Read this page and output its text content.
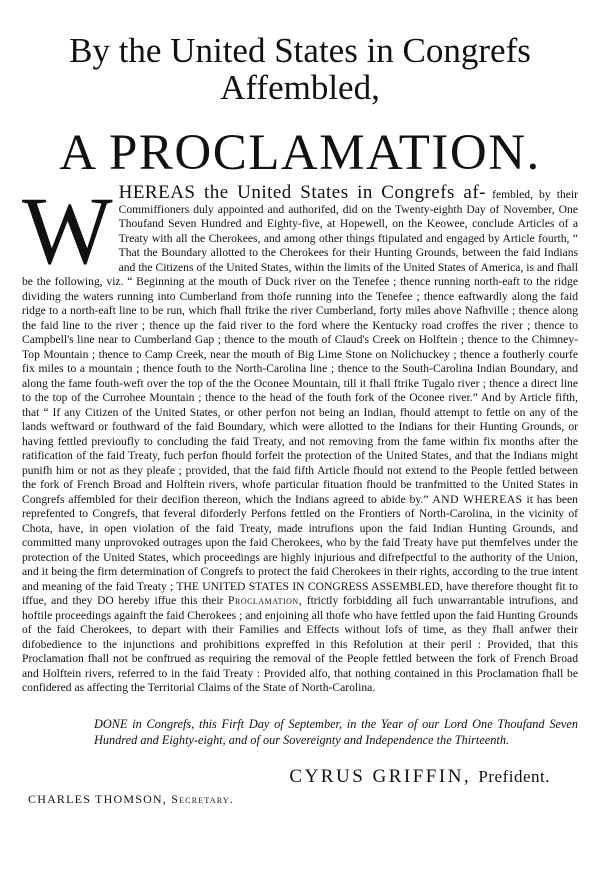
By the United States in Congrefs
Affembled,
A PROCLAMATION.
W HEREAS the United States in Congrefs af- fembled, by their Commiffioners duly appointed and authorifed, did on the Twenty-eighth Day of November, One Thoufand Seven Hundred and Eighty-five, at Hopewell, on the Keowee, conclude Articles of a Treaty with all the Cherokees, and among other things ftipulated and engaged by Article fourth, “ That the Boundary allotted to the Cherokees for their Hunting Grounds, between the faid Indians and the Citizens of the United States, within the limits of the United States of America, is and fhall be the following, viz. “ Beginning at the mouth of Duck river on the Tenefee ; thence running north-eaft to the ridge dividing the waters running into Cumberland from thofe running into the Tenefee ; thence eaftwardly along the faid ridge to a north-eaft line to be run, which fhall ftrike the river Cumberland, forty miles above Nafhville ; thence along the faid line to the river ; thence up the faid river to the ford where the Kentucky road croffes the river ; thence to Campbell's line near to Cumberland Gap ; thence to the mouth of Claud's Creek on Holftein ; thence to the Chimney-Top Mountain ; thence to Camp Creek, near the mouth of Big Lime Stone on Nolichuckey ; thence a foutherly courfe fix miles to a mountain ; thence fouth to the North-Carolina line ; thence to the South-Carolina Indian Boundary, and along the fame fouth-weft over the top of the the Oconee Mountain, till it fhall ftrike Tugalo river ; thence a direct line to the top of the Currohee Mountain ; thence to the head of the fouth fork of the Oconee river.” And by Article fifth, that “ If any Citizen of the United States, or other perfon not being an Indian, fhould attempt to fettle on any of the lands weftward or fouthward of the faid Boundary, which were allotted to the Indians for their Hunting Grounds, or having fettled previoufly to concluding the faid Treaty, and not removing from the fame within fix months after the ratification of the faid Treaty, fuch perfon fhould forfeit the protection of the United States, and that the Indians might punifh him or not as they pleafe ; provided, that the faid fifth Article fhould not extend to the People fettled between the fork of French Broad and Holftein rivers, whofe particular fituation fhould be tranfmitted to the United States in Congrefs affembled for their decifion thereon, which the Indians agreed to abide by.” AND WHEREAS it has been reprefented to Congrefs, that feveral diforderly Perfons fettled on the Frontiers of North-Carolina, in the vicinity of Chota, have, in open violation of the faid Treaty, made intrufions upon the faid Indian Hunting Grounds, and committed many unprovoked outrages upon the faid Cherokees, who by the faid Treaty have put themfelves under the protection of the United States, which proceedings are highly injurious and difrefpectful to the authority of the Union, and it being the firm determination of Congrefs to protect the faid Cherokees in their rights, according to the true intent and meaning of the faid Treaty ; THE UNITED STATES IN CONGRESS ASSEMBLED, have therefore thought fit to iffue, and they DO hereby iffue this their Proclamation, ftrictly forbidding all fuch unwarrantable intrufions, and hoftile proceedings againft the faid Cherokees ; and enjoining all thofe who have fettled upon the faid Hunting Grounds of the faid Cherokees, to depart with their Families and Effects without lofs of time, as they fhall anfwer their difobedience to the injunctions and prohibitions expreffed in this Refolution at their peril : Provided, that this Proclamation fhall not be conftrued as requiring the removal of the People fettled between the fork of French Broad and Holftein rivers, referred to in the faid Treaty : Provided alfo, that nothing contained in this Proclamation fhall be confidered as affecting the Territorial Claims of the State of North-Carolina.
DONE in Congrefs, this Firft Day of September, in the Year of our Lord One Thoufand Seven Hundred and Eighty-eight, and of our Sovereignty and Independence the Thirteenth.
CYRUS GRIFFIN, Prefident.
CHARLES THOMSON, Secretary.
